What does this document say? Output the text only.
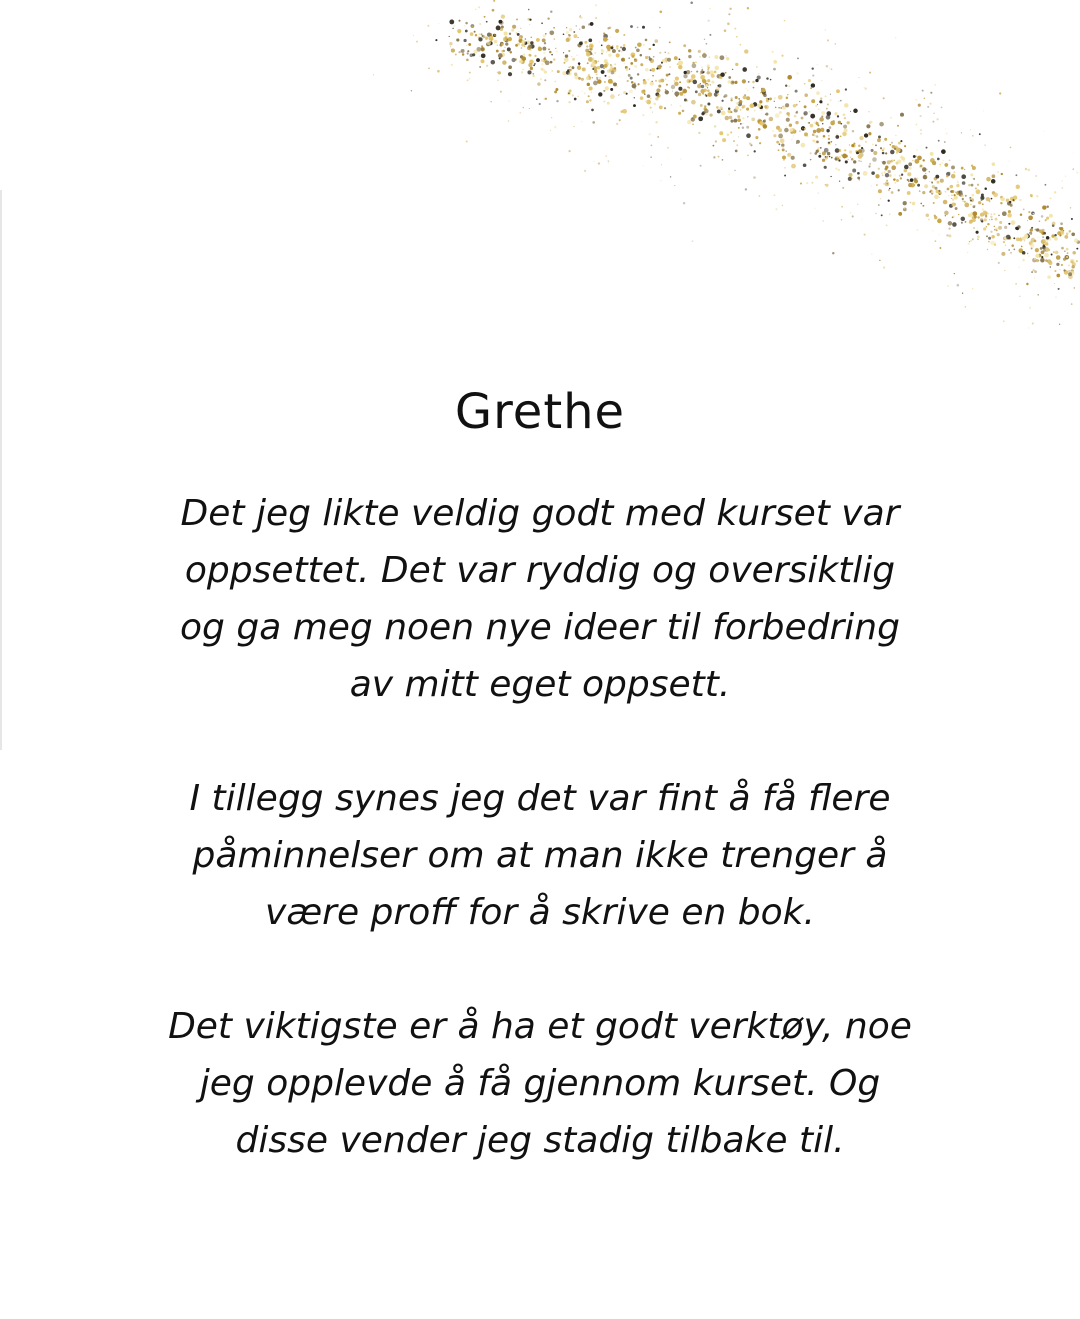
Grethe

Det jeg likte veldig godt med kurset var
oppsettet. Det var ryddig og oversiktlig
og ga meg noen nye ideer til forbedring
av mitt eget oppsett.

I tillegg synes jeg det var fint å få flere
påminnelser om at man ikke trenger å
være proff for å skrive en bok.

Det viktigste er å ha et godt verktøy, noe
jeg opplevde å få gjennom kurset. Og
disse vender jeg stadig tilbake til.
